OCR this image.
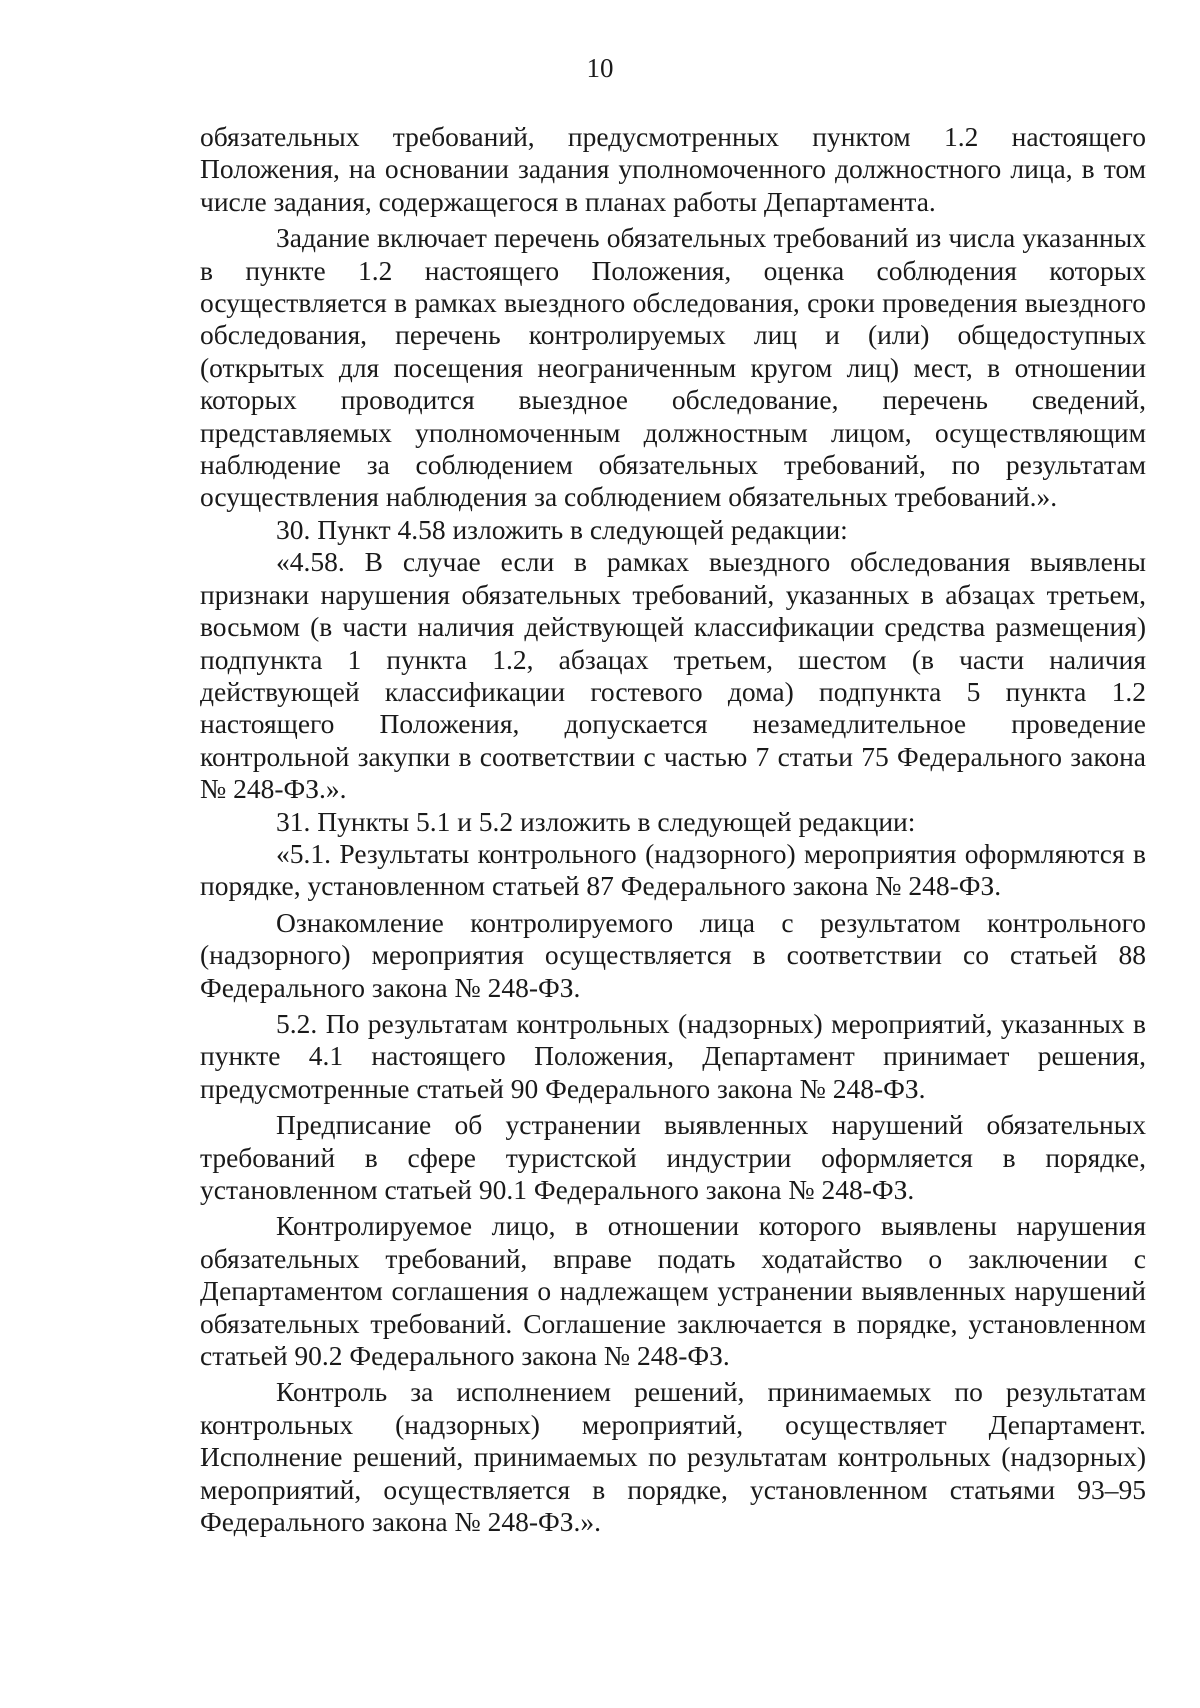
10

обязательных требований, предусмотренных пунктом 1.2 настоящего Положения, на основании задания уполномоченного должностного лица, в том числе задания, содержащегося в планах работы Департамента.

Задание включает перечень обязательных требований из числа указанных в пункте 1.2 настоящего Положения, оценка соблюдения которых осуществляется в рамках выездного обследования, сроки проведения выездного обследования, перечень контролируемых лиц и (или) общедоступных (открытых для посещения неограниченным кругом лиц) мест, в отношении которых проводится выездное обследование, перечень сведений, представляемых уполномоченным должностным лицом, осуществляющим наблюдение за соблюдением обязательных требований, по результатам осуществления наблюдения за соблюдением обязательных требований.».

30. Пункт 4.58 изложить в следующей редакции:

«4.58. В случае если в рамках выездного обследования выявлены признаки нарушения обязательных требований, указанных в абзацах третьем, восьмом (в части наличия действующей классификации средства размещения) подпункта 1 пункта 1.2, абзацах третьем, шестом (в части наличия действующей классификации гостевого дома) подпункта 5 пункта 1.2 настоящего Положения, допускается незамедлительное проведение контрольной закупки в соответствии с частью 7 статьи 75 Федерального закона № 248-ФЗ.».

31. Пункты 5.1 и 5.2 изложить в следующей редакции:

«5.1. Результаты контрольного (надзорного) мероприятия оформляются в порядке, установленном статьей 87 Федерального закона № 248-ФЗ.

Ознакомление контролируемого лица с результатом контрольного (надзорного) мероприятия осуществляется в соответствии со статьей 88 Федерального закона № 248-ФЗ.

5.2. По результатам контрольных (надзорных) мероприятий, указанных в пункте 4.1 настоящего Положения, Департамент принимает решения, предусмотренные статьей 90 Федерального закона № 248-ФЗ.

Предписание об устранении выявленных нарушений обязательных требований в сфере туристской индустрии оформляется в порядке, установленном статьей 90.1 Федерального закона № 248-ФЗ.

Контролируемое лицо, в отношении которого выявлены нарушения обязательных требований, вправе подать ходатайство о заключении с Департаментом соглашения о надлежащем устранении выявленных нарушений обязательных требований. Соглашение заключается в порядке, установленном статьей 90.2 Федерального закона № 248-ФЗ.

Контроль за исполнением решений, принимаемых по результатам контрольных (надзорных) мероприятий, осуществляет Департамент. Исполнение решений, принимаемых по результатам контрольных (надзорных) мероприятий, осуществляется в порядке, установленном статьями 93–95 Федерального закона № 248-ФЗ.».
